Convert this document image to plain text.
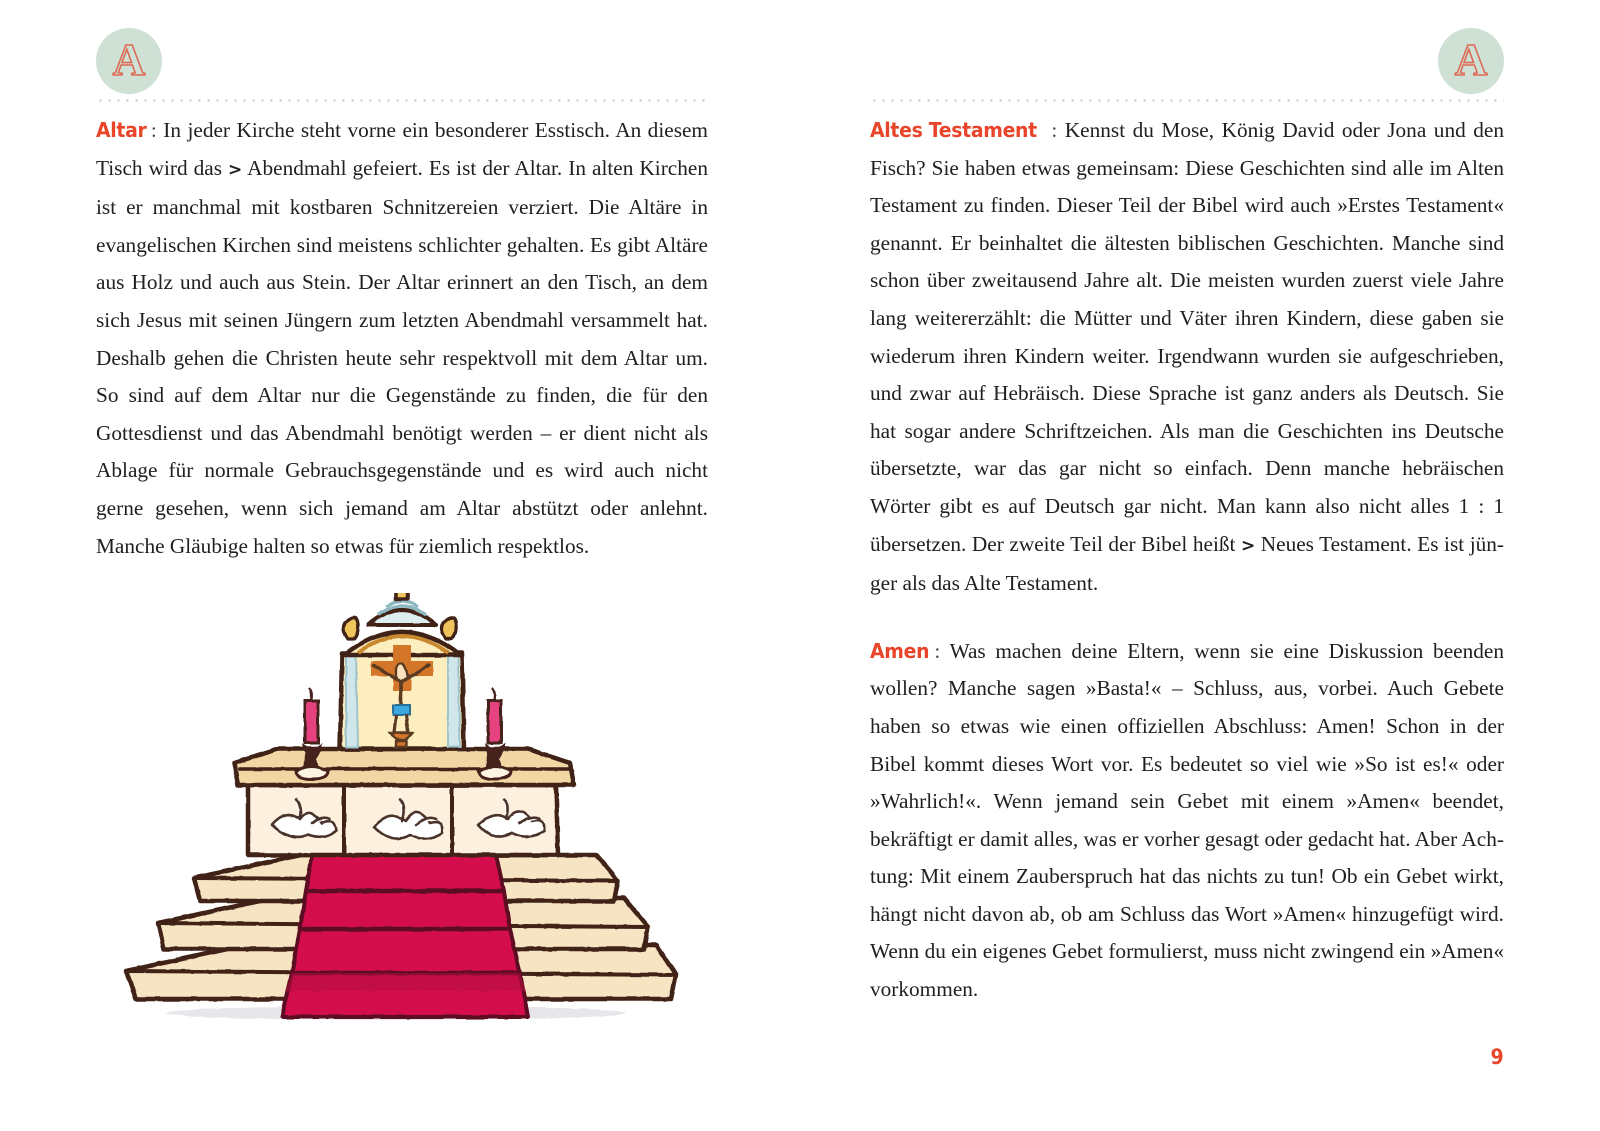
A

Altar : In jeder Kirche steht vorne ein besonderer Esstisch. An diesem Tisch wird das > Abendmahl gefeiert. Es ist der Altar. In alten Kirchen ist er manchmal mit kostbaren Schnitzereien verziert. Die Altäre in evangelischen Kirchen sind meistens schlichter gehalten. Es gibt Altäre aus Holz und auch aus Stein. Der Altar erinnert an den Tisch, an dem sich Jesus mit seinen Jüngern zum letzten Abendmahl versammelt hat. Deshalb gehen die Christen heute sehr respektvoll mit dem Altar um. So sind auf dem Altar nur die Gegenstände zu finden, die für den Gottesdienst und das Abendmahl benötigt werden – er dient nicht als Ablage für normale Gebrauchsgegenstände und es wird auch nicht gerne gesehen, wenn sich jemand am Altar abstützt oder anlehnt. Manche Gläubige halten so etwas für ziemlich respektlos.

A

Altes Testament : Kennst du Mose, König David oder Jona und den Fisch? Sie haben etwas gemeinsam: Diese Geschichten sind alle im Alten Testament zu finden. Dieser Teil der Bibel wird auch »Erstes Testament« genannt. Er beinhaltet die ältesten biblischen Geschichten. Manche sind schon über zweitausend Jahre alt. Die meisten wurden zuerst viele Jahre lang weitererzählt: die Mütter und Väter ihren Kindern, diese gaben sie wiederum ihren Kindern weiter. Irgendwann wurden sie aufgeschrieben, und zwar auf Hebräisch. Diese Sprache ist ganz anders als Deutsch. Sie hat sogar andere Schriftzeichen. Als man die Geschichten ins Deutsche übersetzte, war das gar nicht so einfach. Denn manche hebräischen Wörter gibt es auf Deutsch gar nicht. Man kann also nicht alles 1 : 1 übersetzen. Der zweite Teil der Bibel heißt > Neues Testament. Es ist jünger als das Alte Testament.

Amen : Was machen deine Eltern, wenn sie eine Diskussion beenden wollen? Manche sagen »Basta!« – Schluss, aus, vorbei. Auch Gebete haben so etwas wie einen offiziellen Abschluss: Amen! Schon in der Bibel kommt dieses Wort vor. Es bedeutet so viel wie »So ist es!« oder »Wahrlich!«. Wenn jemand sein Gebet mit einem »Amen« beendet, bekräftigt er damit alles, was er vorher gesagt oder gedacht hat. Aber Achtung: Mit einem Zauberspruch hat das nichts zu tun! Ob ein Gebet wirkt, hängt nicht davon ab, ob am Schluss das Wort »Amen« hinzugefügt wird. Wenn du ein eigenes Gebet formulierst, muss nicht zwingend ein »Amen« vorkommen.

9
